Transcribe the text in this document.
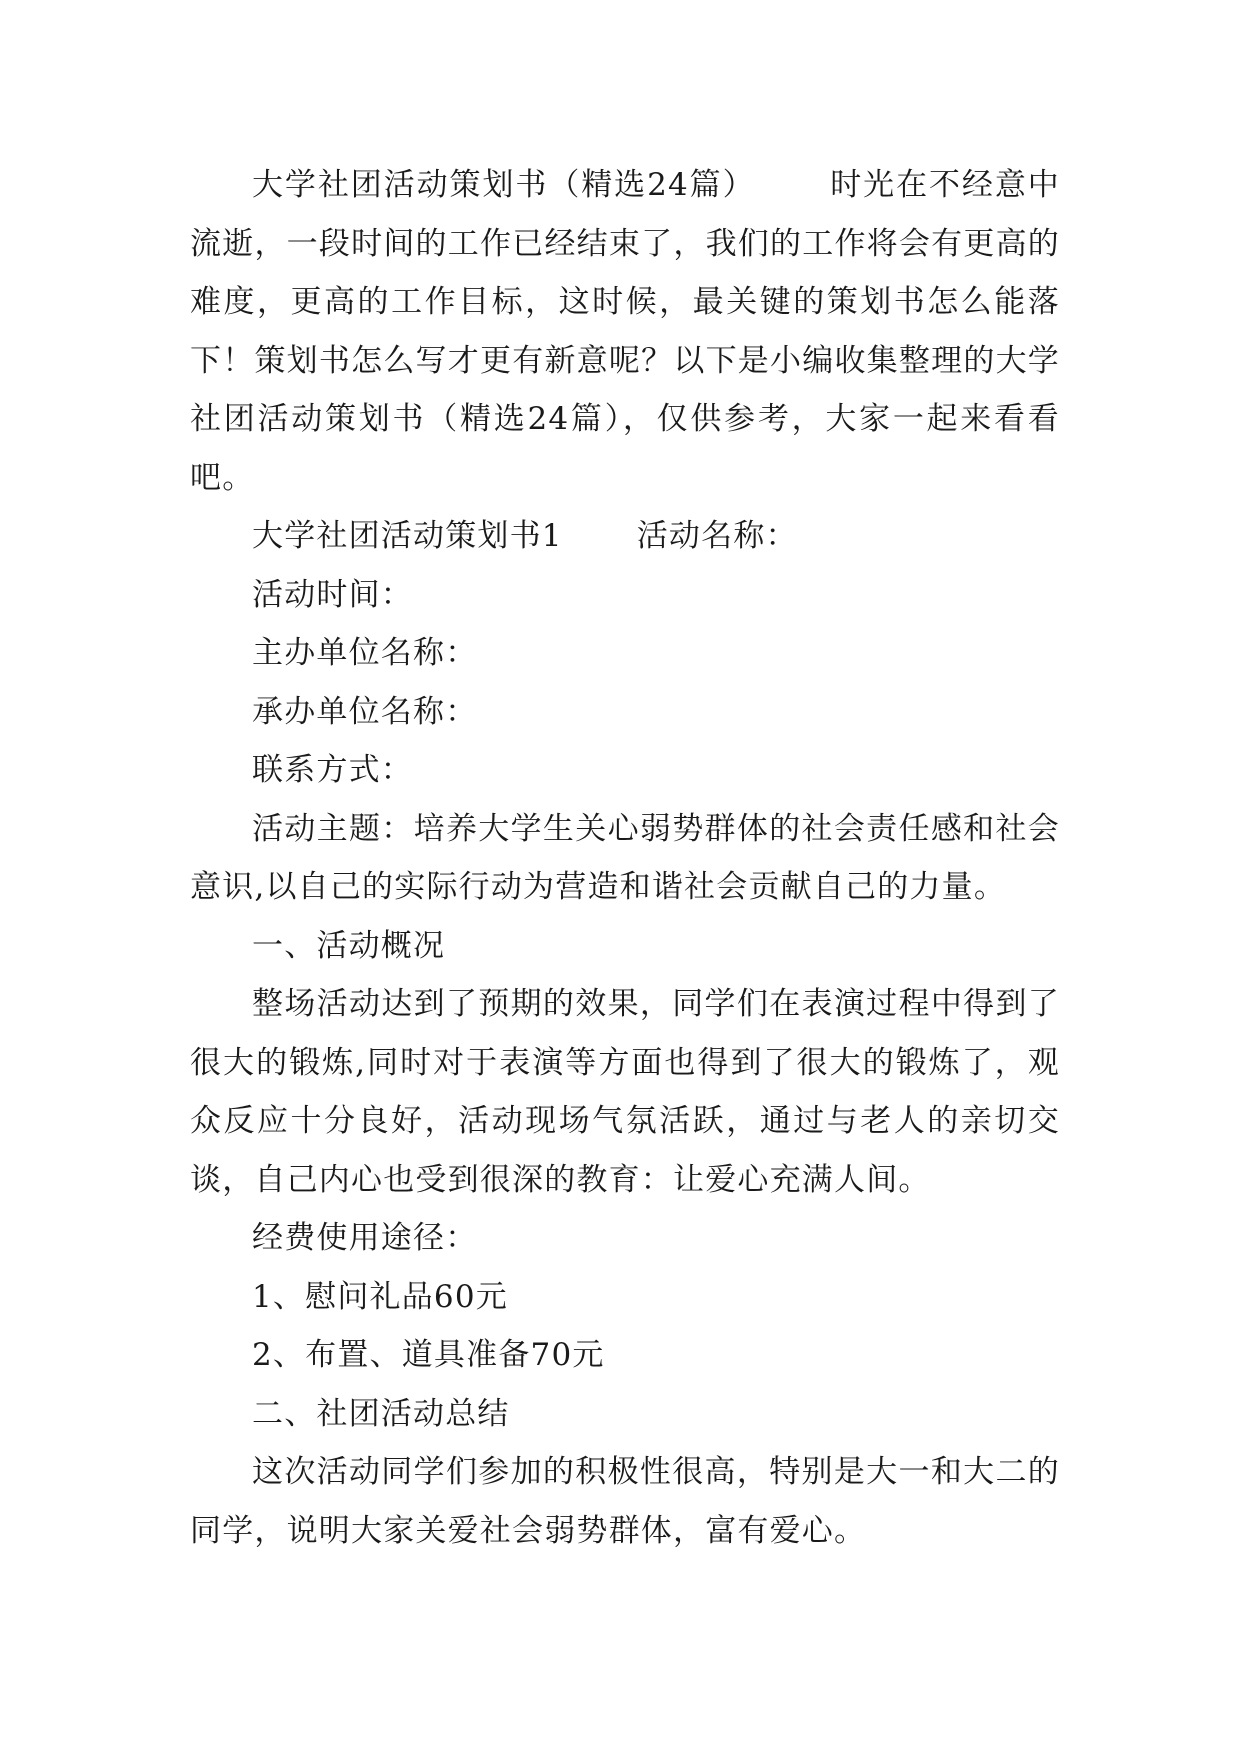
大学社团活动策划书（精选24篇） 时光在不经意中流逝，一段时间的工作已经结束了，我们的工作将会有更高的难度，更高的工作目标，这时候，最关键的策划书怎么能落下！策划书怎么写才更有新意呢？以下是小编收集整理的大学社团活动策划书（精选24篇），仅供参考，大家一起来看看吧。

大学社团活动策划书1 活动名称：

活动时间：

主办单位名称：

承办单位名称：

联系方式：

活动主题：培养大学生关心弱势群体的社会责任感和社会意识,以自己的实际行动为营造和谐社会贡献自己的力量。

一、活动概况

整场活动达到了预期的效果，同学们在表演过程中得到了很大的锻炼,同时对于表演等方面也得到了很大的锻炼了，观众反应十分良好，活动现场气氛活跃，通过与老人的亲切交谈，自己内心也受到很深的教育：让爱心充满人间。

经费使用途径：

1、慰问礼品60元

2、布置、道具准备70元

二、社团活动总结

这次活动同学们参加的积极性很高，特别是大一和大二的同学，说明大家关爱社会弱势群体，富有爱心。
